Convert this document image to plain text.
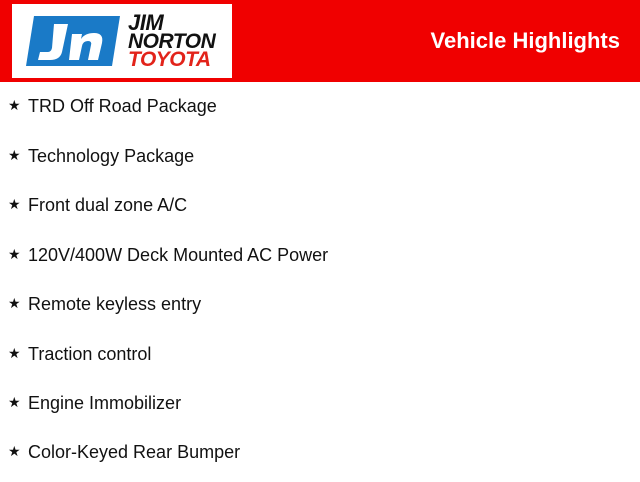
JIM
NORTON
TOYOTA
Vehicle Highlights
★ TRD Off Road Package
★ Technology Package
★ Front dual zone A/C
★ 120V/400W Deck Mounted AC Power
★ Remote keyless entry
★ Traction control
★ Engine Immobilizer
★ Color-Keyed Rear Bumper
